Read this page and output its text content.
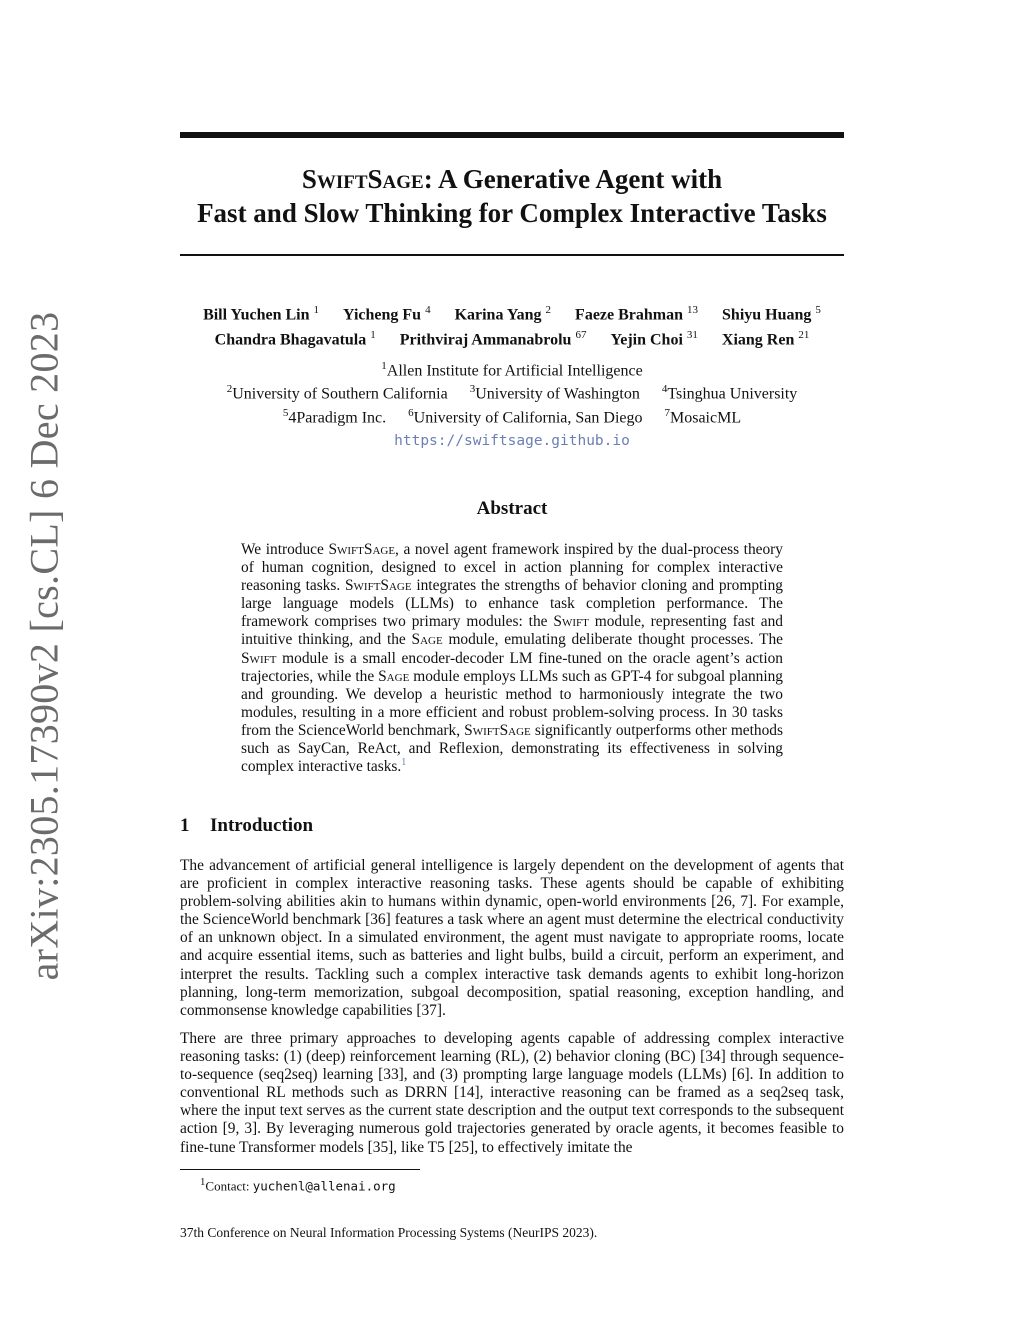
arXiv:2305.17390v2 [cs.CL] 6 Dec 2023
SwiftSage: A Generative Agent with
Fast and Slow Thinking for Complex Interactive Tasks
Bill Yuchen Lin $^1$ Yicheng Fu $^4$ Karina Yang $^2$ Faeze Brahman $^{13}$ Shiyu Huang $^5$
Chandra Bhagavatula $^1$ Prithviraj Ammanabrolu $^{67}$ Yejin Choi $^{31}$ Xiang Ren $^{21}$
$^1$Allen Institute for Artificial Intelligence
$^2$University of Southern California $^3$University of Washington $^4$Tsinghua University
$^5$4Paradigm Inc. $^6$University of California, San Diego $^7$MosaicML
https://swiftsage.github.io
Abstract

We introduce SwiftSage, a novel agent framework inspired by the dual-process theory of human cognition, designed to excel in action planning for complex interactive reasoning tasks. SwiftSage integrates the strengths of behavior cloning and prompting large language models (LLMs) to enhance task completion performance. The framework comprises two primary modules: the Swift module, representing fast and intuitive thinking, and the Sage module, emulating deliberate thought processes. The Swift module is a small encoder-decoder LM fine-tuned on the oracle agent’s action trajectories, while the Sage module employs LLMs such as GPT-4 for subgoal planning and grounding. We develop a heuristic method to harmoniously integrate the two modules, resulting in a more efficient and robust problem-solving process. In 30 tasks from the ScienceWorld benchmark, SwiftSage significantly outperforms other methods such as SayCan, ReAct, and Reflexion, demonstrating its effectiveness in solving complex interactive tasks.$^1$

1 Introduction

The advancement of artificial general intelligence is largely dependent on the development of agents that are proficient in complex interactive reasoning tasks. These agents should be capable of exhibiting problem-solving abilities akin to humans within dynamic, open-world environments [26, 7]. For example, the ScienceWorld benchmark [36] features a task where an agent must determine the electrical conductivity of an unknown object. In a simulated environment, the agent must navigate to appropriate rooms, locate and acquire essential items, such as batteries and light bulbs, build a circuit, perform an experiment, and interpret the results. Tackling such a complex interactive task demands agents to exhibit long-horizon planning, long-term memorization, subgoal decomposition, spatial reasoning, exception handling, and commonsense knowledge capabilities [37].

There are three primary approaches to developing agents capable of addressing complex interactive reasoning tasks: (1) (deep) reinforcement learning (RL), (2) behavior cloning (BC) [34] through sequence-to-sequence (seq2seq) learning [33], and (3) prompting large language models (LLMs) [6]. In addition to conventional RL methods such as DRRN [14], interactive reasoning can be framed as a seq2seq task, where the input text serves as the current state description and the output text corresponds to the subsequent action [9, 3]. By leveraging numerous gold trajectories generated by oracle agents, it becomes feasible to fine-tune Transformer models [35], like T5 [25], to effectively imitate the

$^1$Contact: yuchenl@allenai.org
37th Conference on Neural Information Processing Systems (NeurIPS 2023).
